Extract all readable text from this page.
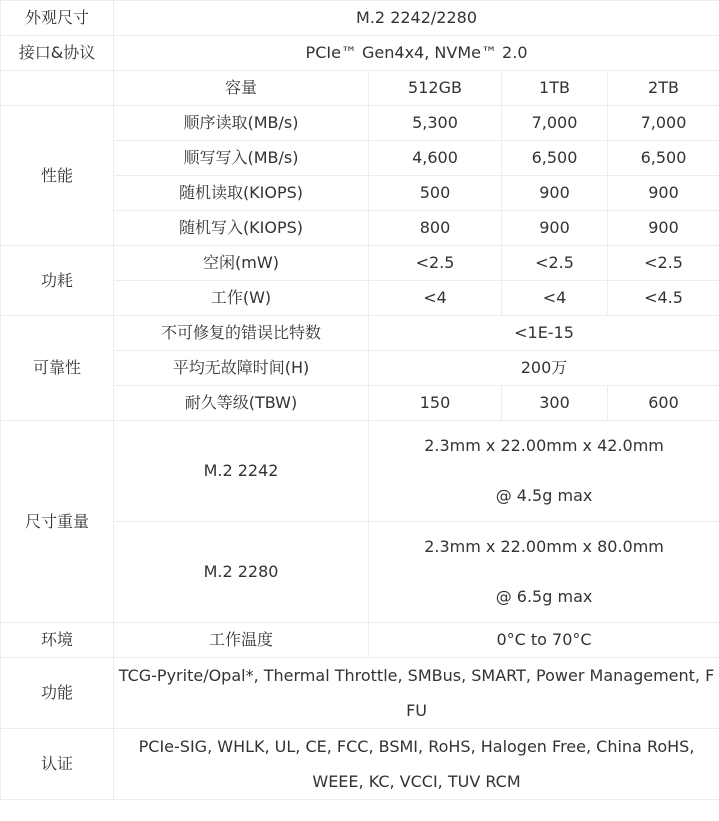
外观尺寸	M.2 2242/2280			
接口&协议	PCIe™ Gen4x4, NVMe™ 2.0			
	容量	512GB	1TB	2TB
性能	顺序读取(MB/s)	5,300	7,000	7,000
	顺写写入(MB/s)	4,600	6,500	6,500
	随机读取(KIOPS)	500	900	900
	随机写入(KIOPS)	800	900	900
功耗	空闲(mW)	<2.5	<2.5	<2.5
	工作(W)	<4	<4	<4.5
可靠性	不可修复的错误比特数	<1E-15		
	平均无故障时间(H)	200万		
	耐久等级(TBW)	150	300	600
尺寸重量	M.2 2242	2.3mm x 22.00mm x 42.0mm
@ 4.5g max		

	M.2 2280	2.3mm x 22.00mm x 80.0mm
@ 6.5g max		

环境	工作温度	0°C to 70°C		
功能	TCG-Pyrite/Opal*, Thermal Throttle, SMBus, SMART, Power Management, FFU			
认证	PCIe-SIG, WHLK, UL, CE, FCC, BSMI, RoHS, Halogen Free, China RoHS, WEEE, KC, VCCI, TUV RCM			
